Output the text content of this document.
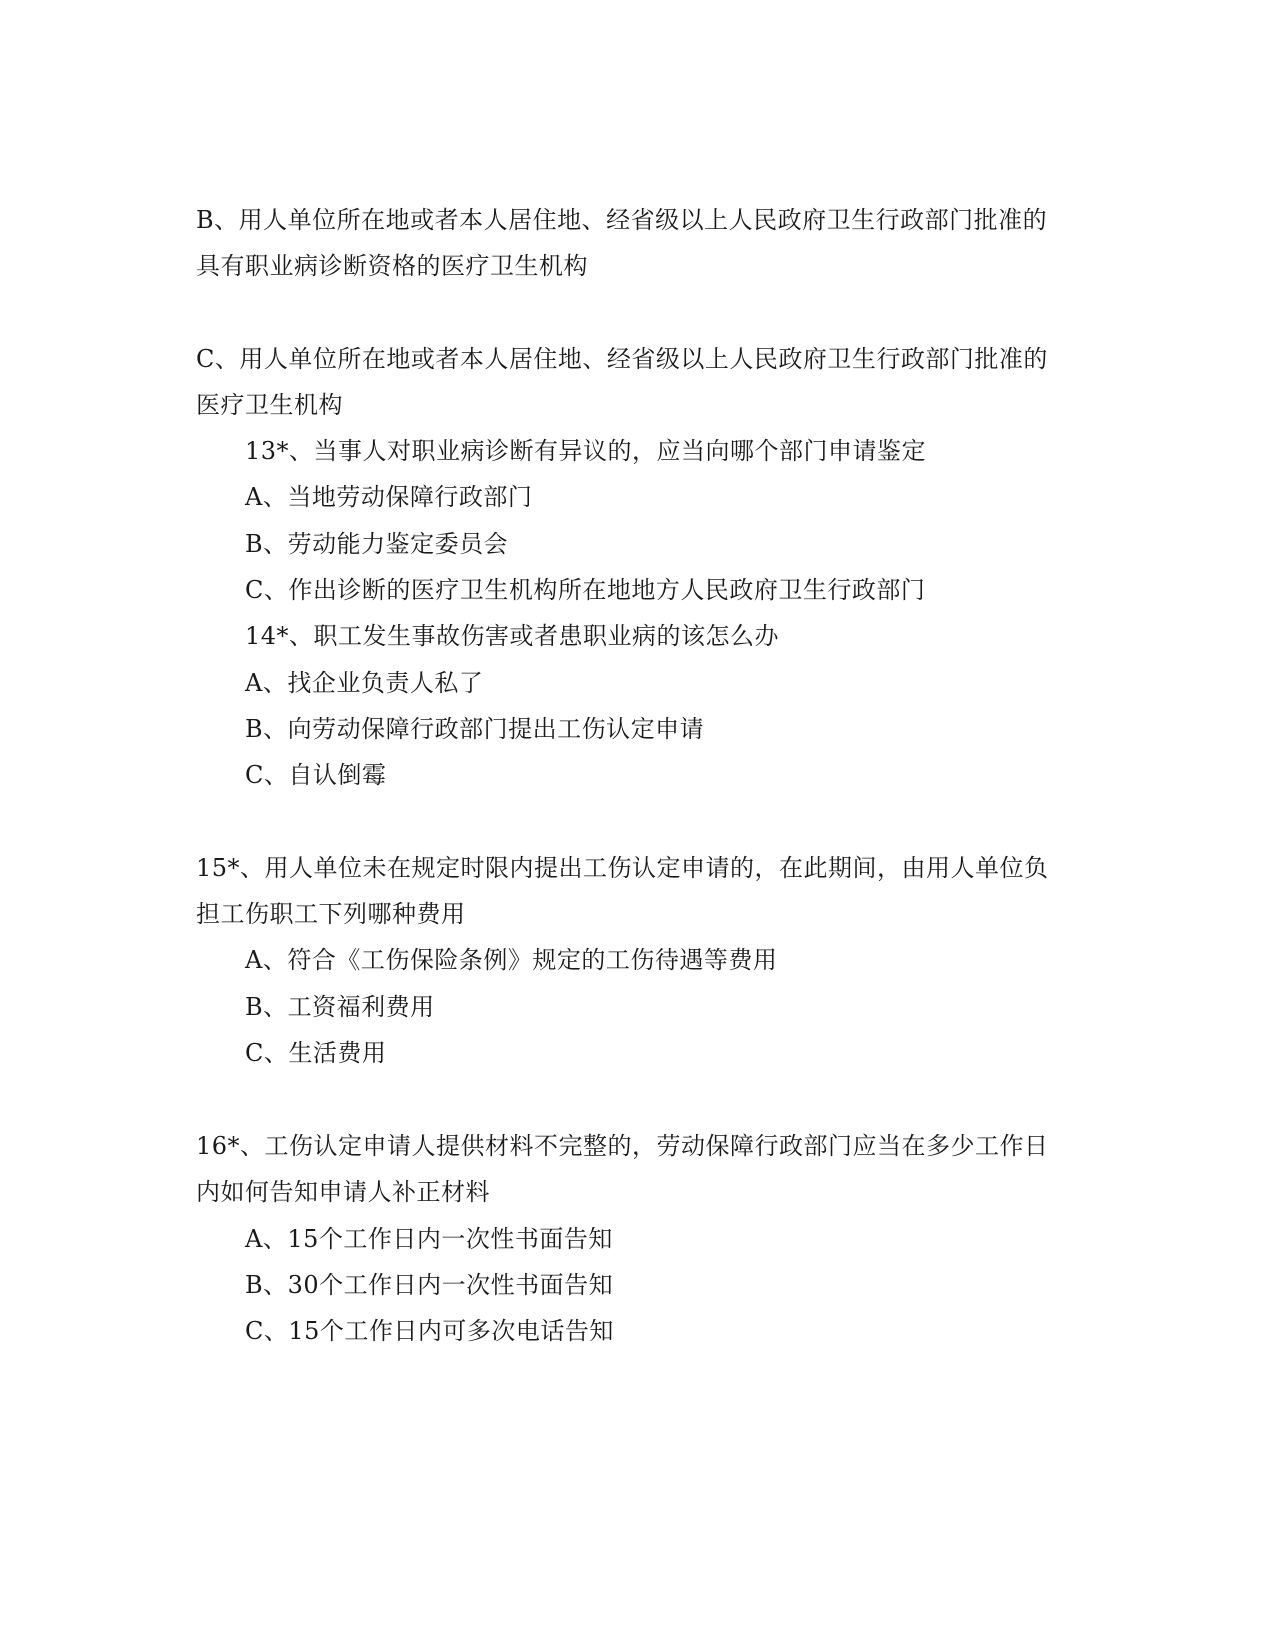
B、用人单位所在地或者本人居住地、经省级以上人民政府卫生行政部门批准的
具有职业病诊断资格的医疗卫生机构
C、用人单位所在地或者本人居住地、经省级以上人民政府卫生行政部门批准的
医疗卫生机构
13*、当事人对职业病诊断有异议的，应当向哪个部门申请鉴定
A、当地劳动保障行政部门
B、劳动能力鉴定委员会
C、作出诊断的医疗卫生机构所在地地方人民政府卫生行政部门
14*、职工发生事故伤害或者患职业病的该怎么办
A、找企业负责人私了
B、向劳动保障行政部门提出工伤认定申请
C、自认倒霉
15*、用人单位未在规定时限内提出工伤认定申请的，在此期间，由用人单位负
担工伤职工下列哪种费用
A、符合《工伤保险条例》规定的工伤待遇等费用
B、工资福利费用
C、生活费用
16*、工伤认定申请人提供材料不完整的，劳动保障行政部门应当在多少工作日
内如何告知申请人补正材料
A、15个工作日内一次性书面告知
B、30个工作日内一次性书面告知
C、15个工作日内可多次电话告知
